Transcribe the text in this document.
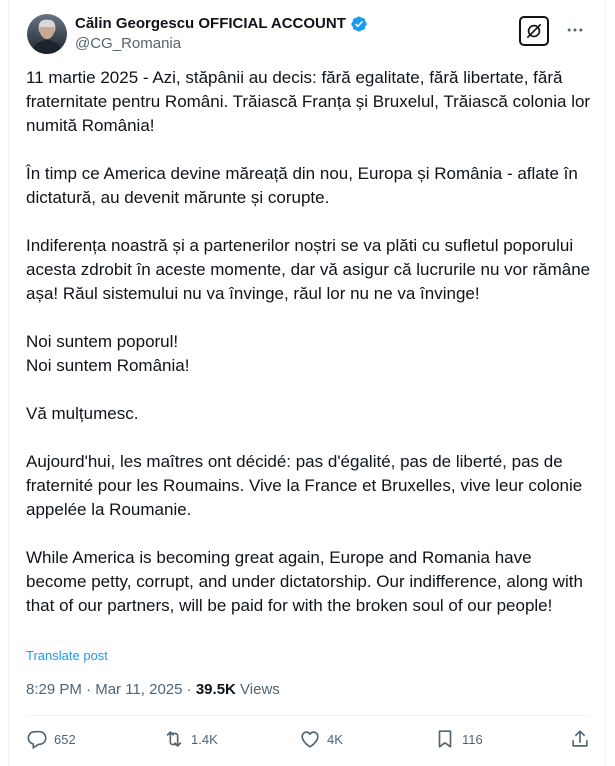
Călin Georgescu OFFICIAL ACCOUNT
@CG_Romania

11 martie 2025 - Azi, stăpânii au decis: fără egalitate, fără libertate, fără fraternitate pentru Români. Trăiască Franța și Bruxelul, Trăiască colonia lor numită România!

În timp ce America devine măreață din nou, Europa și România - aflate în dictatură, au devenit mărunte și corupte.

Indiferența noastră și a partenerilor noștri se va plăti cu sufletul poporului acesta zdrobit în aceste momente, dar vă asigur că lucrurile nu vor rămâne așa! Răul sistemului nu va învinge, răul lor nu ne va învinge!

Noi suntem poporul!

Noi suntem România!

Vă mulțumesc.

Aujourd'hui, les maîtres ont décidé: pas d'égalité, pas de liberté, pas de fraternité pour les Roumains. Vive la France et Bruxelles, vive leur colonie appelée la Roumanie.

While America is becoming great again, Europe and Romania have become petty, corrupt, and under dictatorship. Our indifference, along with that of our partners, will be paid for with the broken soul of our people!

Translate post
8:29 PM · Mar 11, 2025 · 39.5K Views
652	1.4K	4K	116
